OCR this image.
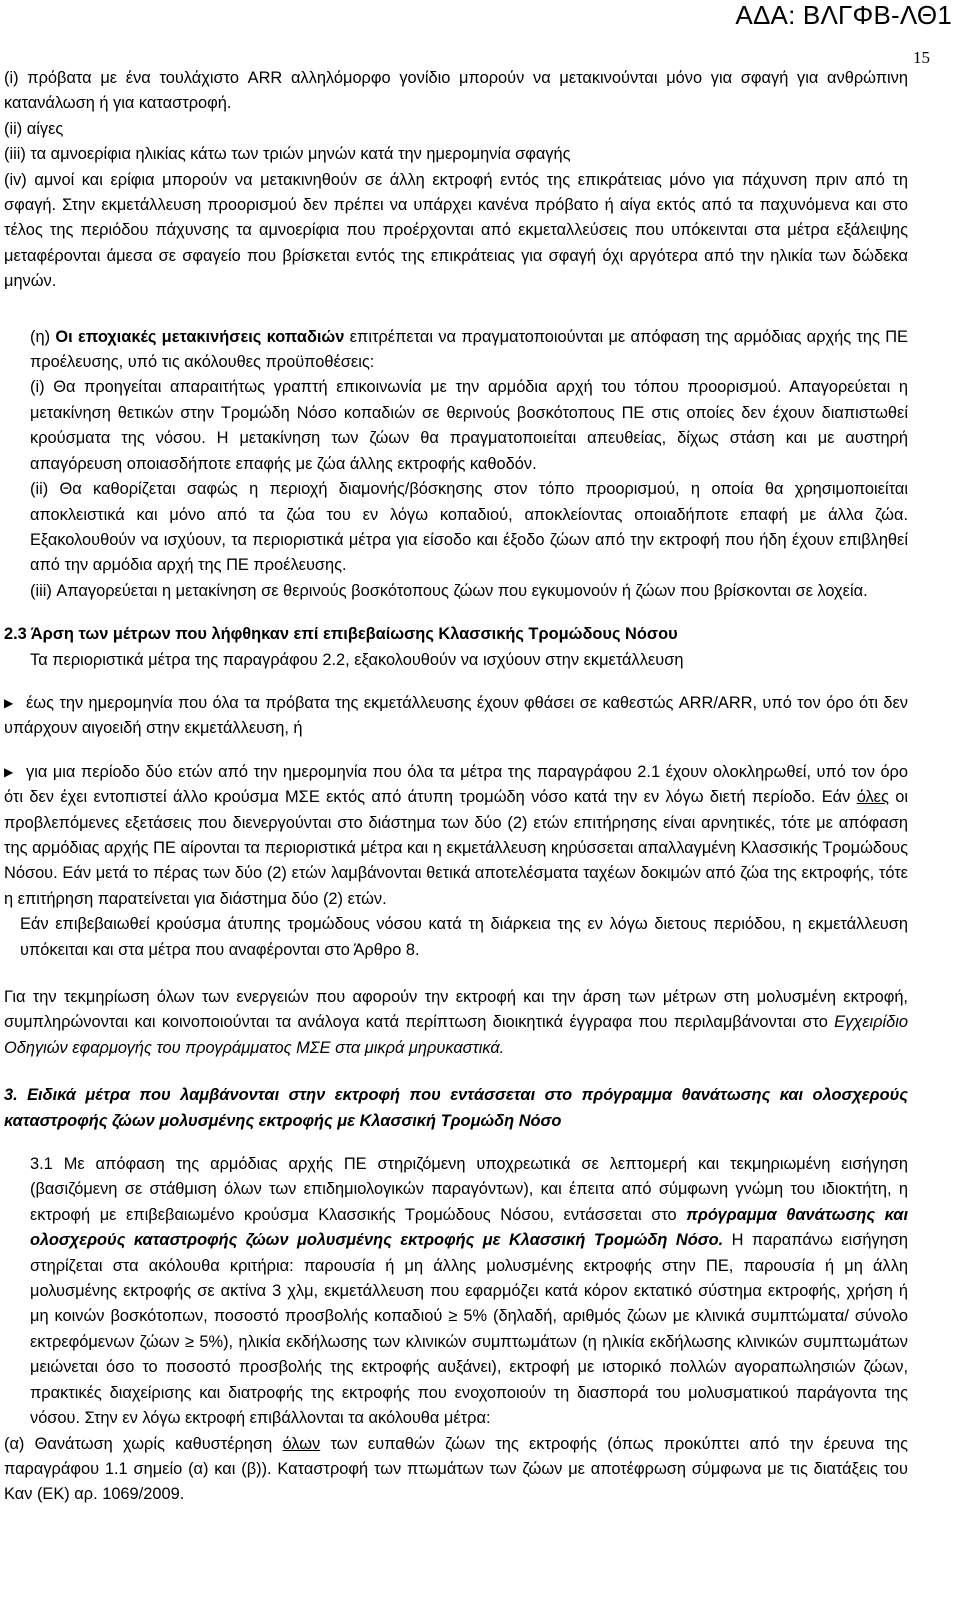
ΑΔΑ: ΒΛΓΦΒ-ΛΘ1
15

(i) πρόβατα με ένα τουλάχιστο ARR αλληλόμορφο γονίδιο μπορούν να μετακινούνται μόνο για σφαγή για ανθρώπινη κατανάλωση ή για καταστροφή.

(ii) αίγες

(iii) τα αμνοερίφια ηλικίας κάτω των τριών μηνών κατά την ημερομηνία σφαγής

(iv) αμνοί και ερίφια μπορούν να μετακινηθούν σε άλλη εκτροφή εντός της επικράτειας μόνο για πάχυνση πριν από τη σφαγή. Στην εκμετάλλευση προορισμού δεν πρέπει να υπάρχει κανένα πρόβατο ή αίγα εκτός από τα παχυνόμενα και στο τέλος της περιόδου πάχυνσης τα αμνοερίφια που προέρχονται από εκμεταλλεύσεις που υπόκεινται στα μέτρα εξάλειψης μεταφέρονται άμεσα σε σφαγείο που βρίσκεται εντός της επικράτειας για σφαγή όχι αργότερα από την ηλικία των δώδεκα μηνών.

(η) Οι εποχιακές μετακινήσεις κοπαδιών επιτρέπεται να πραγματοποιούνται με απόφαση της αρμόδιας αρχής της ΠΕ προέλευσης, υπό τις ακόλουθες προϋποθέσεις:

(i) Θα προηγείται απαραιτήτως γραπτή επικοινωνία με την αρμόδια αρχή του τόπου προορισμού. Απαγορεύεται η μετακίνηση θετικών στην Τρομώδη Νόσο κοπαδιών σε θερινούς βοσκότοπους ΠΕ στις οποίες δεν έχουν διαπιστωθεί κρούσματα της νόσου. Η μετακίνηση των ζώων θα πραγματοποιείται απευθείας, δίχως στάση και με αυστηρή απαγόρευση οποιασδήποτε επαφής με ζώα άλλης εκτροφής καθοδόν.

(ii) Θα καθορίζεται σαφώς η περιοχή διαμονής/βόσκησης στον τόπο προορισμού, η οποία θα χρησιμοποιείται αποκλειστικά και μόνο από τα ζώα του εν λόγω κοπαδιού, αποκλείοντας οποιαδήποτε επαφή με άλλα ζώα. Εξακολουθούν να ισχύουν, τα περιοριστικά μέτρα για είσοδο και έξοδο ζώων από την εκτροφή που ήδη έχουν επιβληθεί από την αρμόδια αρχή της ΠΕ προέλευσης.

(iii) Απαγορεύεται η μετακίνηση σε θερινούς βοσκότοπους ζώων που εγκυμονούν ή ζώων που βρίσκονται σε λοχεία.

2.3 Άρση των μέτρων που λήφθηκαν επί επιβεβαίωσης Κλασσικής Τρομώδους Νόσου

Τα περιοριστικά μέτρα της παραγράφου 2.2, εξακολουθούν να ισχύουν στην εκμετάλλευση

▶ έως την ημερομηνία που όλα τα πρόβατα της εκμετάλλευσης έχουν φθάσει σε καθεστώς ARR/ARR, υπό τον όρο ότι δεν υπάρχουν αιγοειδή στην εκμετάλλευση, ή

▶ για μια περίοδο δύο ετών από την ημερομηνία που όλα τα μέτρα της παραγράφου 2.1 έχουν ολοκληρωθεί, υπό τον όρο ότι δεν έχει εντοπιστεί άλλο κρούσμα ΜΣΕ εκτός από άτυπη τρομώδη νόσο κατά την εν λόγω διετή περίοδο. Εάν όλες οι προβλεπόμενες εξετάσεις που διενεργούνται στο διάστημα των δύο (2) ετών επιτήρησης είναι αρνητικές, τότε με απόφαση της αρμόδιας αρχής ΠΕ αίρονται τα περιοριστικά μέτρα και η εκμετάλλευση κηρύσσεται απαλλαγμένη Κλασσικής Τρομώδους Νόσου. Εάν μετά το πέρας των δύο (2) ετών λαμβάνονται θετικά αποτελέσματα ταχέων δοκιμών από ζώα της εκτροφής, τότε η επιτήρηση παρατείνεται για διάστημα δύο (2) ετών.

Εάν επιβεβαιωθεί κρούσμα άτυπης τρομώδους νόσου κατά τη διάρκεια της εν λόγω διετους περιόδου, η εκμετάλλευση υπόκειται και στα μέτρα που αναφέρονται στο Άρθρο 8.

Για την τεκμηρίωση όλων των ενεργειών που αφορούν την εκτροφή και την άρση των μέτρων στη μολυσμένη εκτροφή, συμπληρώνονται και κοινοποιούνται τα ανάλογα κατά περίπτωση διοικητικά έγγραφα που περιλαμβάνονται στο Εγχειρίδιο Οδηγιών εφαρμογής του προγράμματος ΜΣΕ στα μικρά μηρυκαστικά.

3. Ειδικά μέτρα που λαμβάνονται στην εκτροφή που εντάσσεται στο πρόγραμμα θανάτωσης και ολοσχερούς καταστροφής ζώων μολυσμένης εκτροφής με Κλασσική Τρομώδη Νόσο

3.1 Με απόφαση της αρμόδιας αρχής ΠΕ στηριζόμενη υποχρεωτικά σε λεπτομερή και τεκμηριωμένη εισήγηση (βασιζόμενη σε στάθμιση όλων των επιδημιολογικών παραγόντων), και έπειτα από σύμφωνη γνώμη του ιδιοκτήτη, η εκτροφή με επιβεβαιωμένο κρούσμα Κλασσικής Τρομώδους Νόσου, εντάσσεται στο πρόγραμμα θανάτωσης και ολοσχερούς καταστροφής ζώων μολυσμένης εκτροφής με Κλασσική Τρομώδη Νόσο. Η παραπάνω εισήγηση στηρίζεται στα ακόλουθα κριτήρια: παρουσία ή μη άλλης μολυσμένης εκτροφής στην ΠΕ, παρουσία ή μη άλλη μολυσμένης εκτροφής σε ακτίνα 3 χλμ, εκμετάλλευση που εφαρμόζει κατά κόρον εκτατικό σύστημα εκτροφής, χρήση ή μη κοινών βοσκότοπων, ποσοστό προσβολής κοπαδιού ≥ 5% (δηλαδή, αριθμός ζώων με κλινικά συμπτώματα/ σύνολο εκτρεφόμενων ζώων ≥ 5%), ηλικία εκδήλωσης των κλινικών συμπτωμάτων (η ηλικία εκδήλωσης κλινικών συμπτωμάτων μειώνεται όσο το ποσοστό προσβολής της εκτροφής αυξάνει), εκτροφή με ιστορικό πολλών αγοραπωλησιών ζώων, πρακτικές διαχείρισης και διατροφής της εκτροφής που ενοχοποιούν τη διασπορά του μολυσματικού παράγοντα της νόσου. Στην εν λόγω εκτροφή επιβάλλονται τα ακόλουθα μέτρα:

(α) Θανάτωση χωρίς καθυστέρηση όλων των ευπαθών ζώων της εκτροφής (όπως προκύπτει από την έρευνα της παραγράφου 1.1 σημείο (α) και (β)). Καταστροφή των πτωμάτων των ζώων με αποτέφρωση σύμφωνα με τις διατάξεις του Καν (ΕΚ) αρ. 1069/2009.
